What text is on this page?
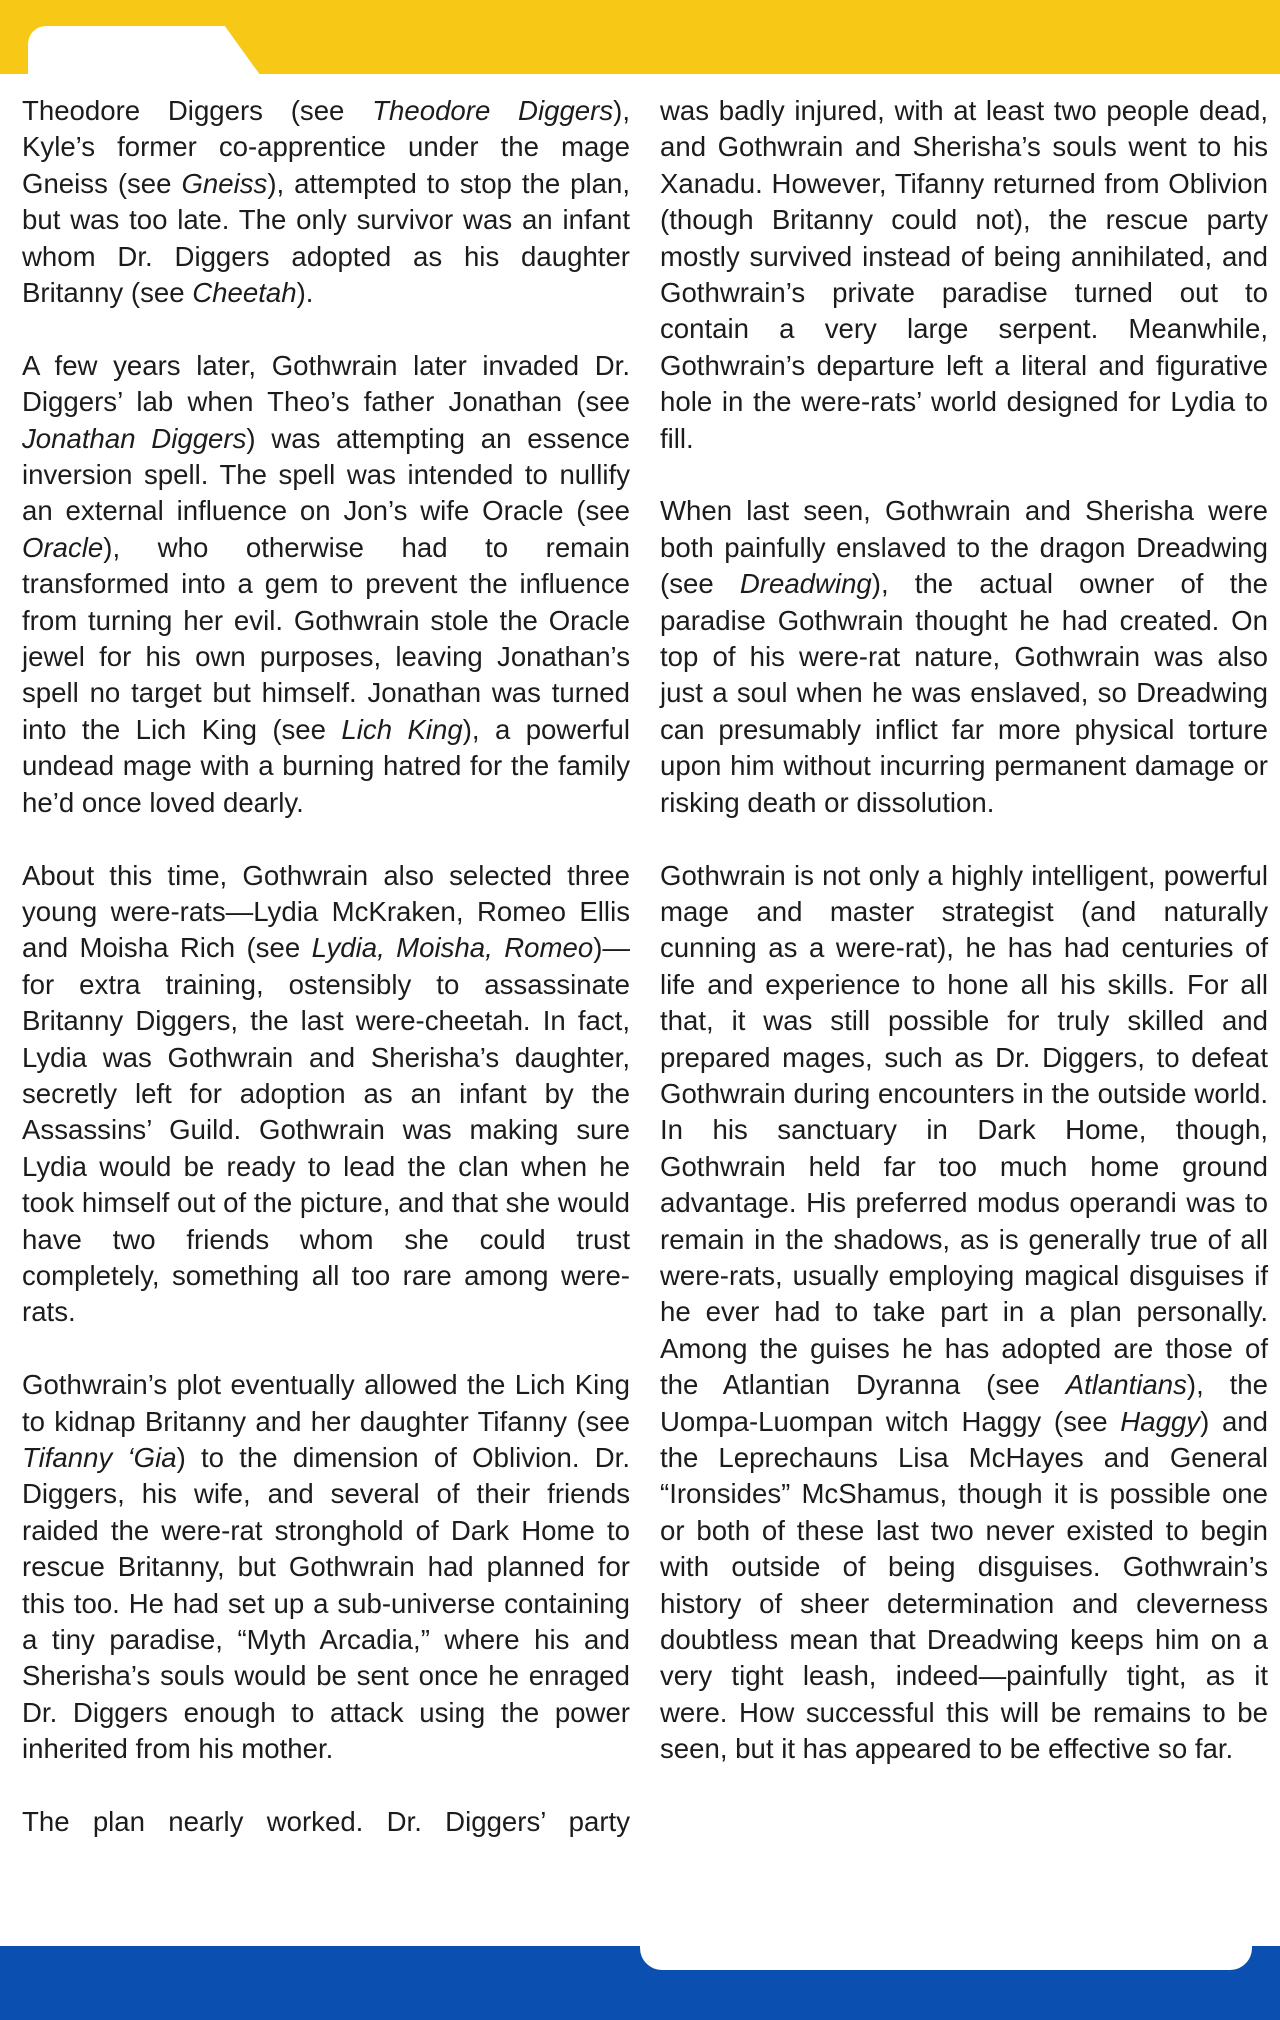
Theodore Diggers (see Theodore Diggers), Kyle’s former co-apprentice under the mage Gneiss (see Gneiss), attempted to stop the plan, but was too late. The only survivor was an infant whom Dr. Diggers adopted as his daughter Britanny (see Cheetah).

A few years later, Gothwrain later invaded Dr. Diggers’ lab when Theo’s father Jonathan (see Jonathan Diggers) was attempting an essence inversion spell. The spell was intended to nullify an external influence on Jon’s wife Oracle (see Oracle), who otherwise had to remain transformed into a gem to prevent the influence from turning her evil. Gothwrain stole the Oracle jewel for his own purposes, leaving Jonathan’s spell no target but himself. Jonathan was turned into the Lich King (see Lich King), a powerful undead mage with a burning hatred for the family he’d once loved dearly.

About this time, Gothwrain also selected three young were-rats—Lydia McKraken, Romeo Ellis and Moisha Rich (see Lydia, Moisha, Romeo)—for extra training, ostensibly to assassinate Britanny Diggers, the last were-cheetah. In fact, Lydia was Gothwrain and Sherisha’s daughter, secretly left for adoption as an infant by the Assassins’ Guild. Gothwrain was making sure Lydia would be ready to lead the clan when he took himself out of the picture, and that she would have two friends whom she could trust completely, something all too rare among were-rats.

Gothwrain’s plot eventually allowed the Lich King to kidnap Britanny and her daughter Tifanny (see Tifanny ‘Gia) to the dimension of Oblivion. Dr. Diggers, his wife, and several of their friends raided the were-rat stronghold of Dark Home to rescue Britanny, but Gothwrain had planned for this too. He had set up a sub-universe containing a tiny paradise, “Myth Arcadia,” where his and Sherisha’s souls would be sent once he enraged Dr. Diggers enough to attack using the power inherited from his mother.

The plan nearly worked. Dr. Diggers’ party

was badly injured, with at least two people dead, and Gothwrain and Sherisha’s souls went to his Xanadu. However, Tifanny returned from Oblivion (though Britanny could not), the rescue party mostly survived instead of being annihilated, and Gothwrain’s private paradise turned out to contain a very large serpent. Meanwhile, Gothwrain’s departure left a literal and figurative hole in the were-rats’ world designed for Lydia to fill.

When last seen, Gothwrain and Sherisha were both painfully enslaved to the dragon Dreadwing (see Dreadwing), the actual owner of the paradise Gothwrain thought he had created. On top of his were-rat nature, Gothwrain was also just a soul when he was enslaved, so Dreadwing can presumably inflict far more physical torture upon him without incurring permanent damage or risking death or dissolution.

Gothwrain is not only a highly intelligent, powerful mage and master strategist (and naturally cunning as a were-rat), he has had centuries of life and experience to hone all his skills. For all that, it was still possible for truly skilled and prepared mages, such as Dr. Diggers, to defeat Gothwrain during encounters in the outside world. In his sanctuary in Dark Home, though, Gothwrain held far too much home ground advantage. His preferred modus operandi was to remain in the shadows, as is generally true of all were-rats, usually employing magical disguises if he ever had to take part in a plan personally. Among the guises he has adopted are those of the Atlantian Dyranna (see Atlantians), the Uompa-Luompan witch Haggy (see Haggy) and the Leprechauns Lisa McHayes and General “Ironsides” McShamus, though it is possible one or both of these last two never existed to begin with outside of being disguises. Gothwrain’s history of sheer determination and cleverness doubtless mean that Dreadwing keeps him on a very tight leash, indeed—painfully tight, as it were. How successful this will be remains to be seen, but it has appeared to be effective so far.
